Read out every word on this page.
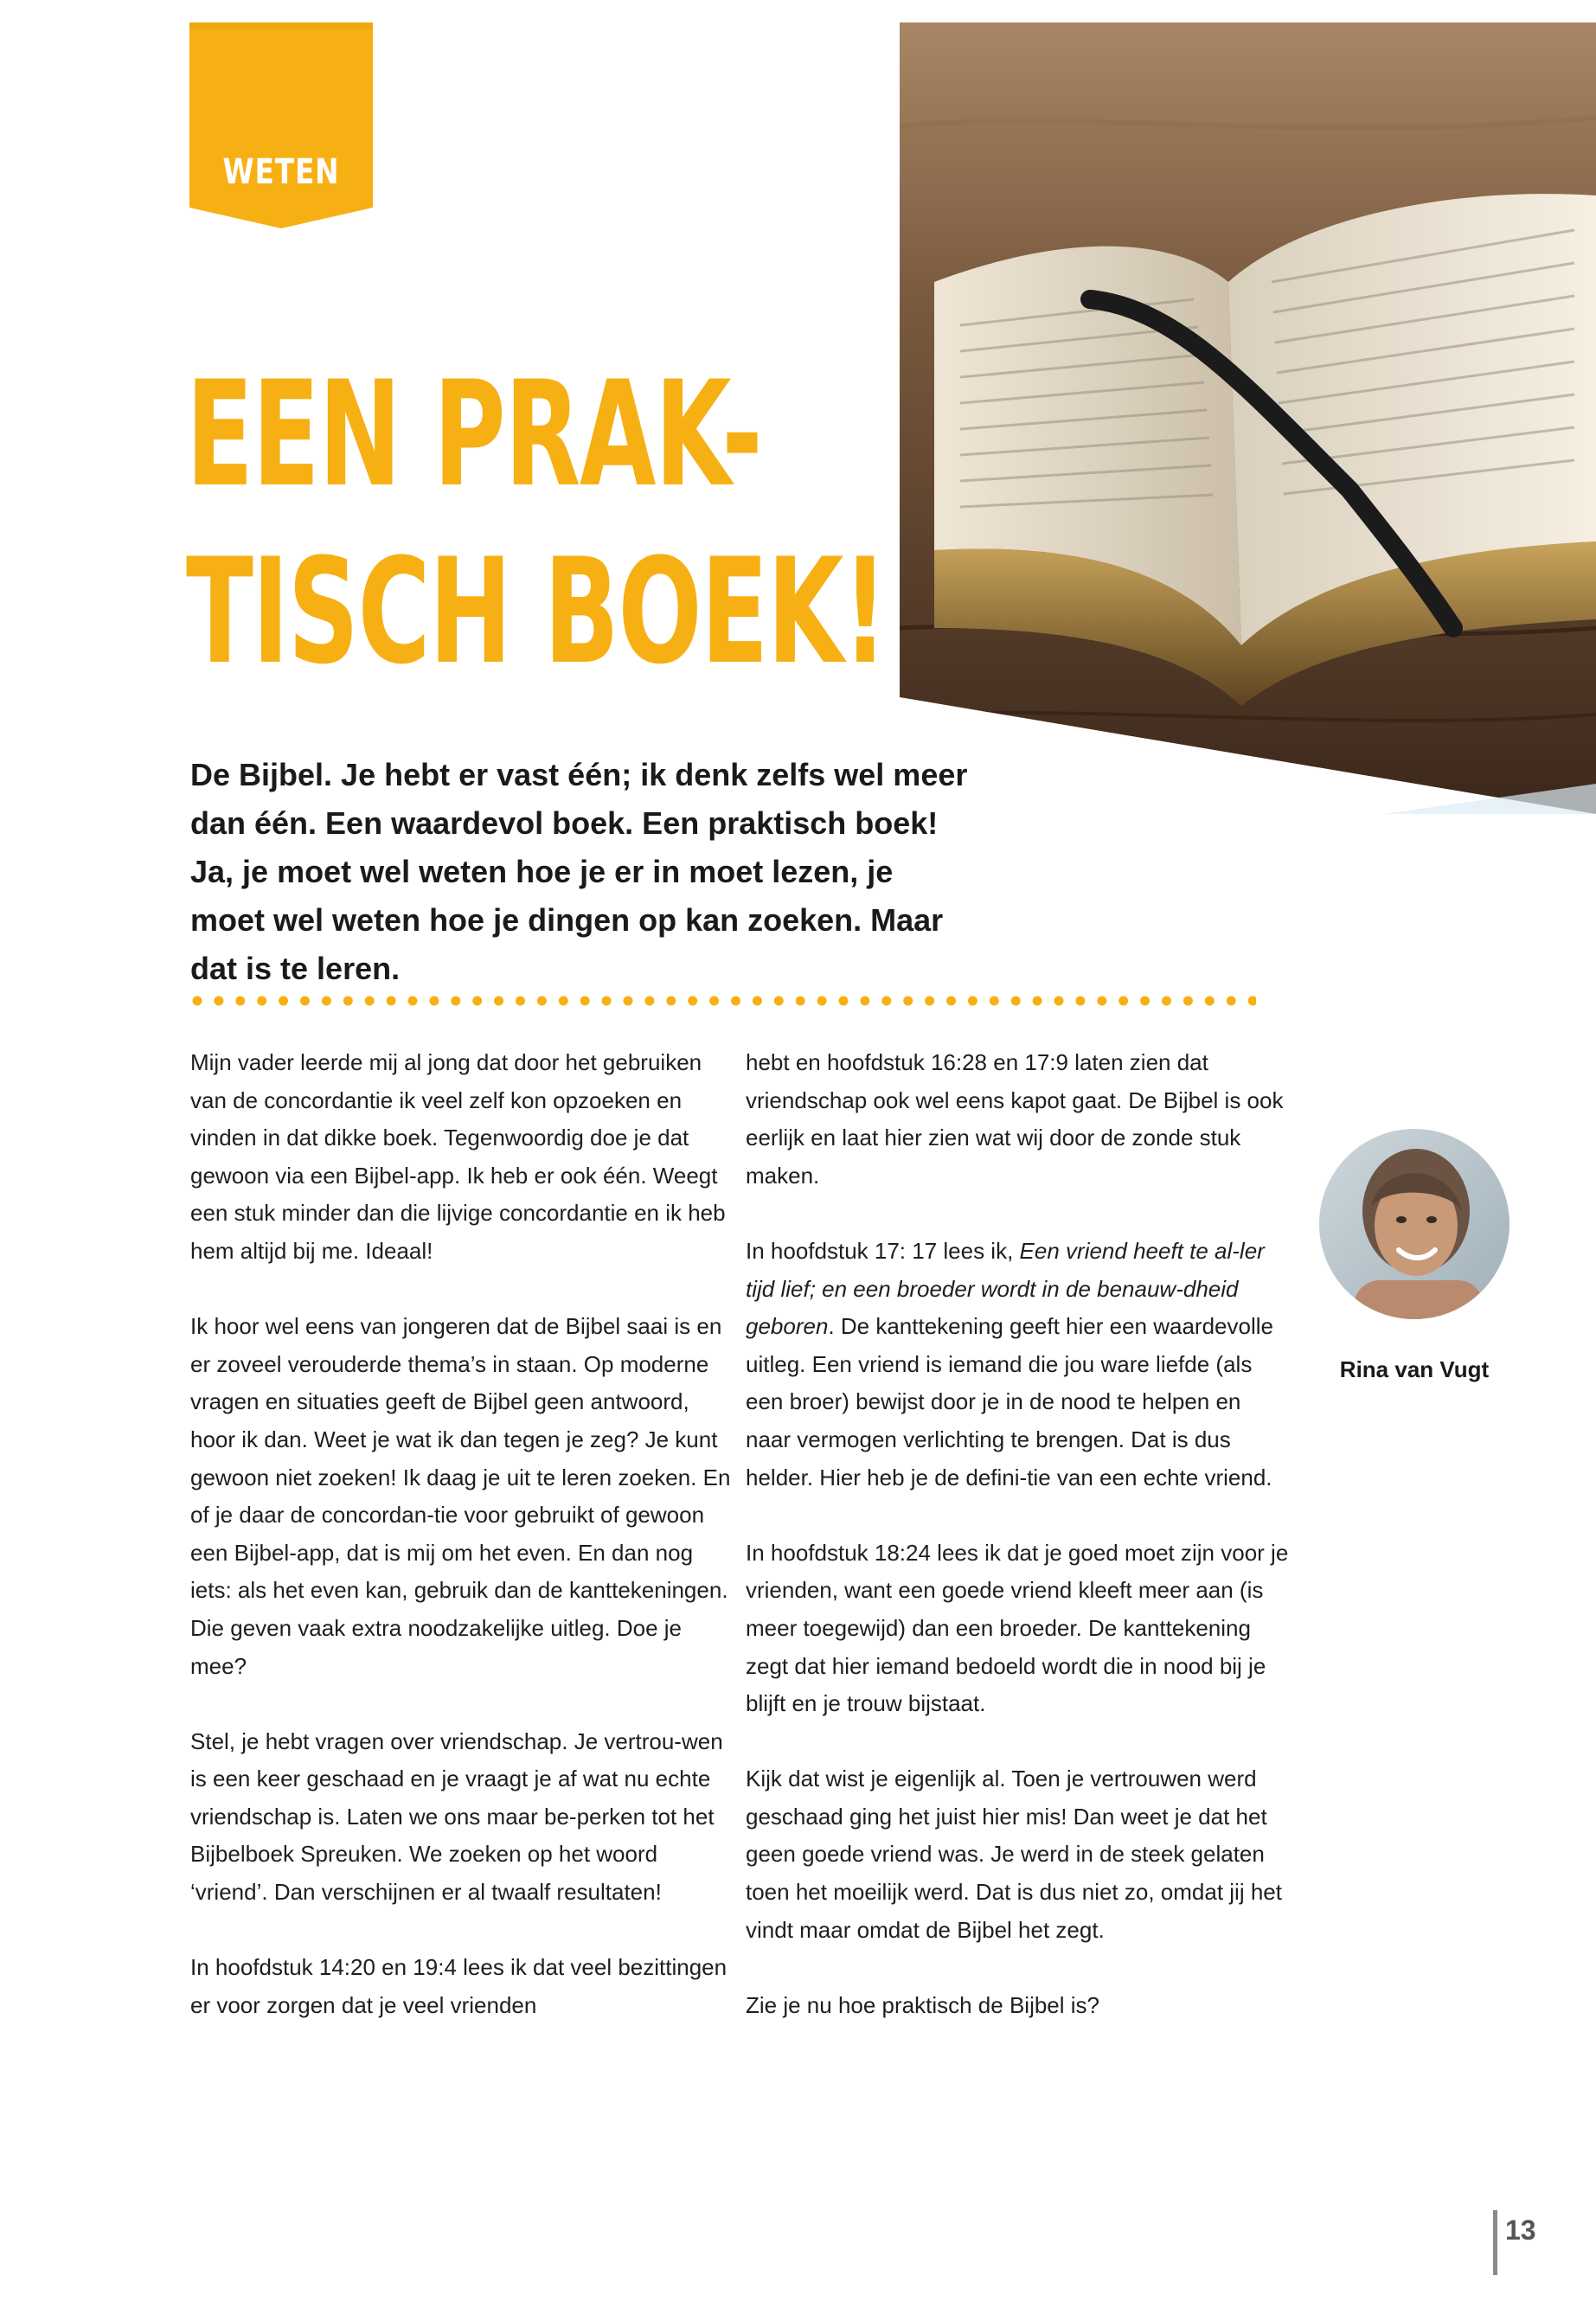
WETEN
EEN PRAK-
TISCH BOEK!

De Bijbel. Je hebt er vast één; ik denk zelfs wel meer dan één. Een waardevol boek. Een praktisch boek! Ja, je moet wel weten hoe je er in moet lezen, je moet wel weten hoe je dingen op kan zoeken. Maar dat is te leren.

Mijn vader leerde mij al jong dat door het gebruiken van de concordantie ik veel zelf kon opzoeken en vinden in dat dikke boek. Tegenwoordig doe je dat gewoon via een Bijbel-app. Ik heb er ook één. Weegt een stuk minder dan die lijvige concordantie en ik heb hem altijd bij me. Ideaal!

Ik hoor wel eens van jongeren dat de Bijbel saai is en er zoveel verouderde thema’s in staan. Op moderne vragen en situaties geeft de Bijbel geen antwoord, hoor ik dan. Weet je wat ik dan tegen je zeg? Je kunt gewoon niet zoeken! Ik daag je uit te leren zoeken. En of je daar de concordan-tie voor gebruikt of gewoon een Bijbel-app, dat is mij om het even. En dan nog iets: als het even kan, gebruik dan de kanttekeningen. Die geven vaak extra noodzakelijke uitleg. Doe je mee?

Stel, je hebt vragen over vriendschap. Je vertrou-wen is een keer geschaad en je vraagt je af wat nu echte vriendschap is. Laten we ons maar be-perken tot het Bijbelboek Spreuken. We zoeken op het woord ‘vriend’. Dan verschijnen er al twaalf resultaten!

In hoofdstuk 14:20 en 19:4 lees ik dat veel bezittingen er voor zorgen dat je veel vrienden

hebt en hoofdstuk 16:28 en 17:9 laten zien dat vriendschap ook wel eens kapot gaat. De Bijbel is ook eerlijk en laat hier zien wat wij door de zonde stuk maken.

In hoofdstuk 17: 17 lees ik, Een vriend heeft te al-ler tijd lief; en een broeder wordt in de benauw-dheid geboren. De kanttekening geeft hier een waardevolle uitleg. Een vriend is iemand die jou ware liefde (als een broer) bewijst door je in de nood te helpen en naar vermogen verlichting te brengen. Dat is dus helder. Hier heb je de defini-tie van een echte vriend.

In hoofdstuk 18:24 lees ik dat je goed moet zijn voor je vrienden, want een goede vriend kleeft meer aan (is meer toegewijd) dan een broeder. De kanttekening zegt dat hier iemand bedoeld wordt die in nood bij je blijft en je trouw bijstaat.

Kijk dat wist je eigenlijk al. Toen je vertrouwen werd geschaad ging het juist hier mis! Dan weet je dat het geen goede vriend was. Je werd in de steek gelaten toen het moeilijk werd. Dat is dus niet zo, omdat jij het vindt maar omdat de Bijbel het zegt.

Zie je nu hoe praktisch de Bijbel is?

Rina van Vugt
13
